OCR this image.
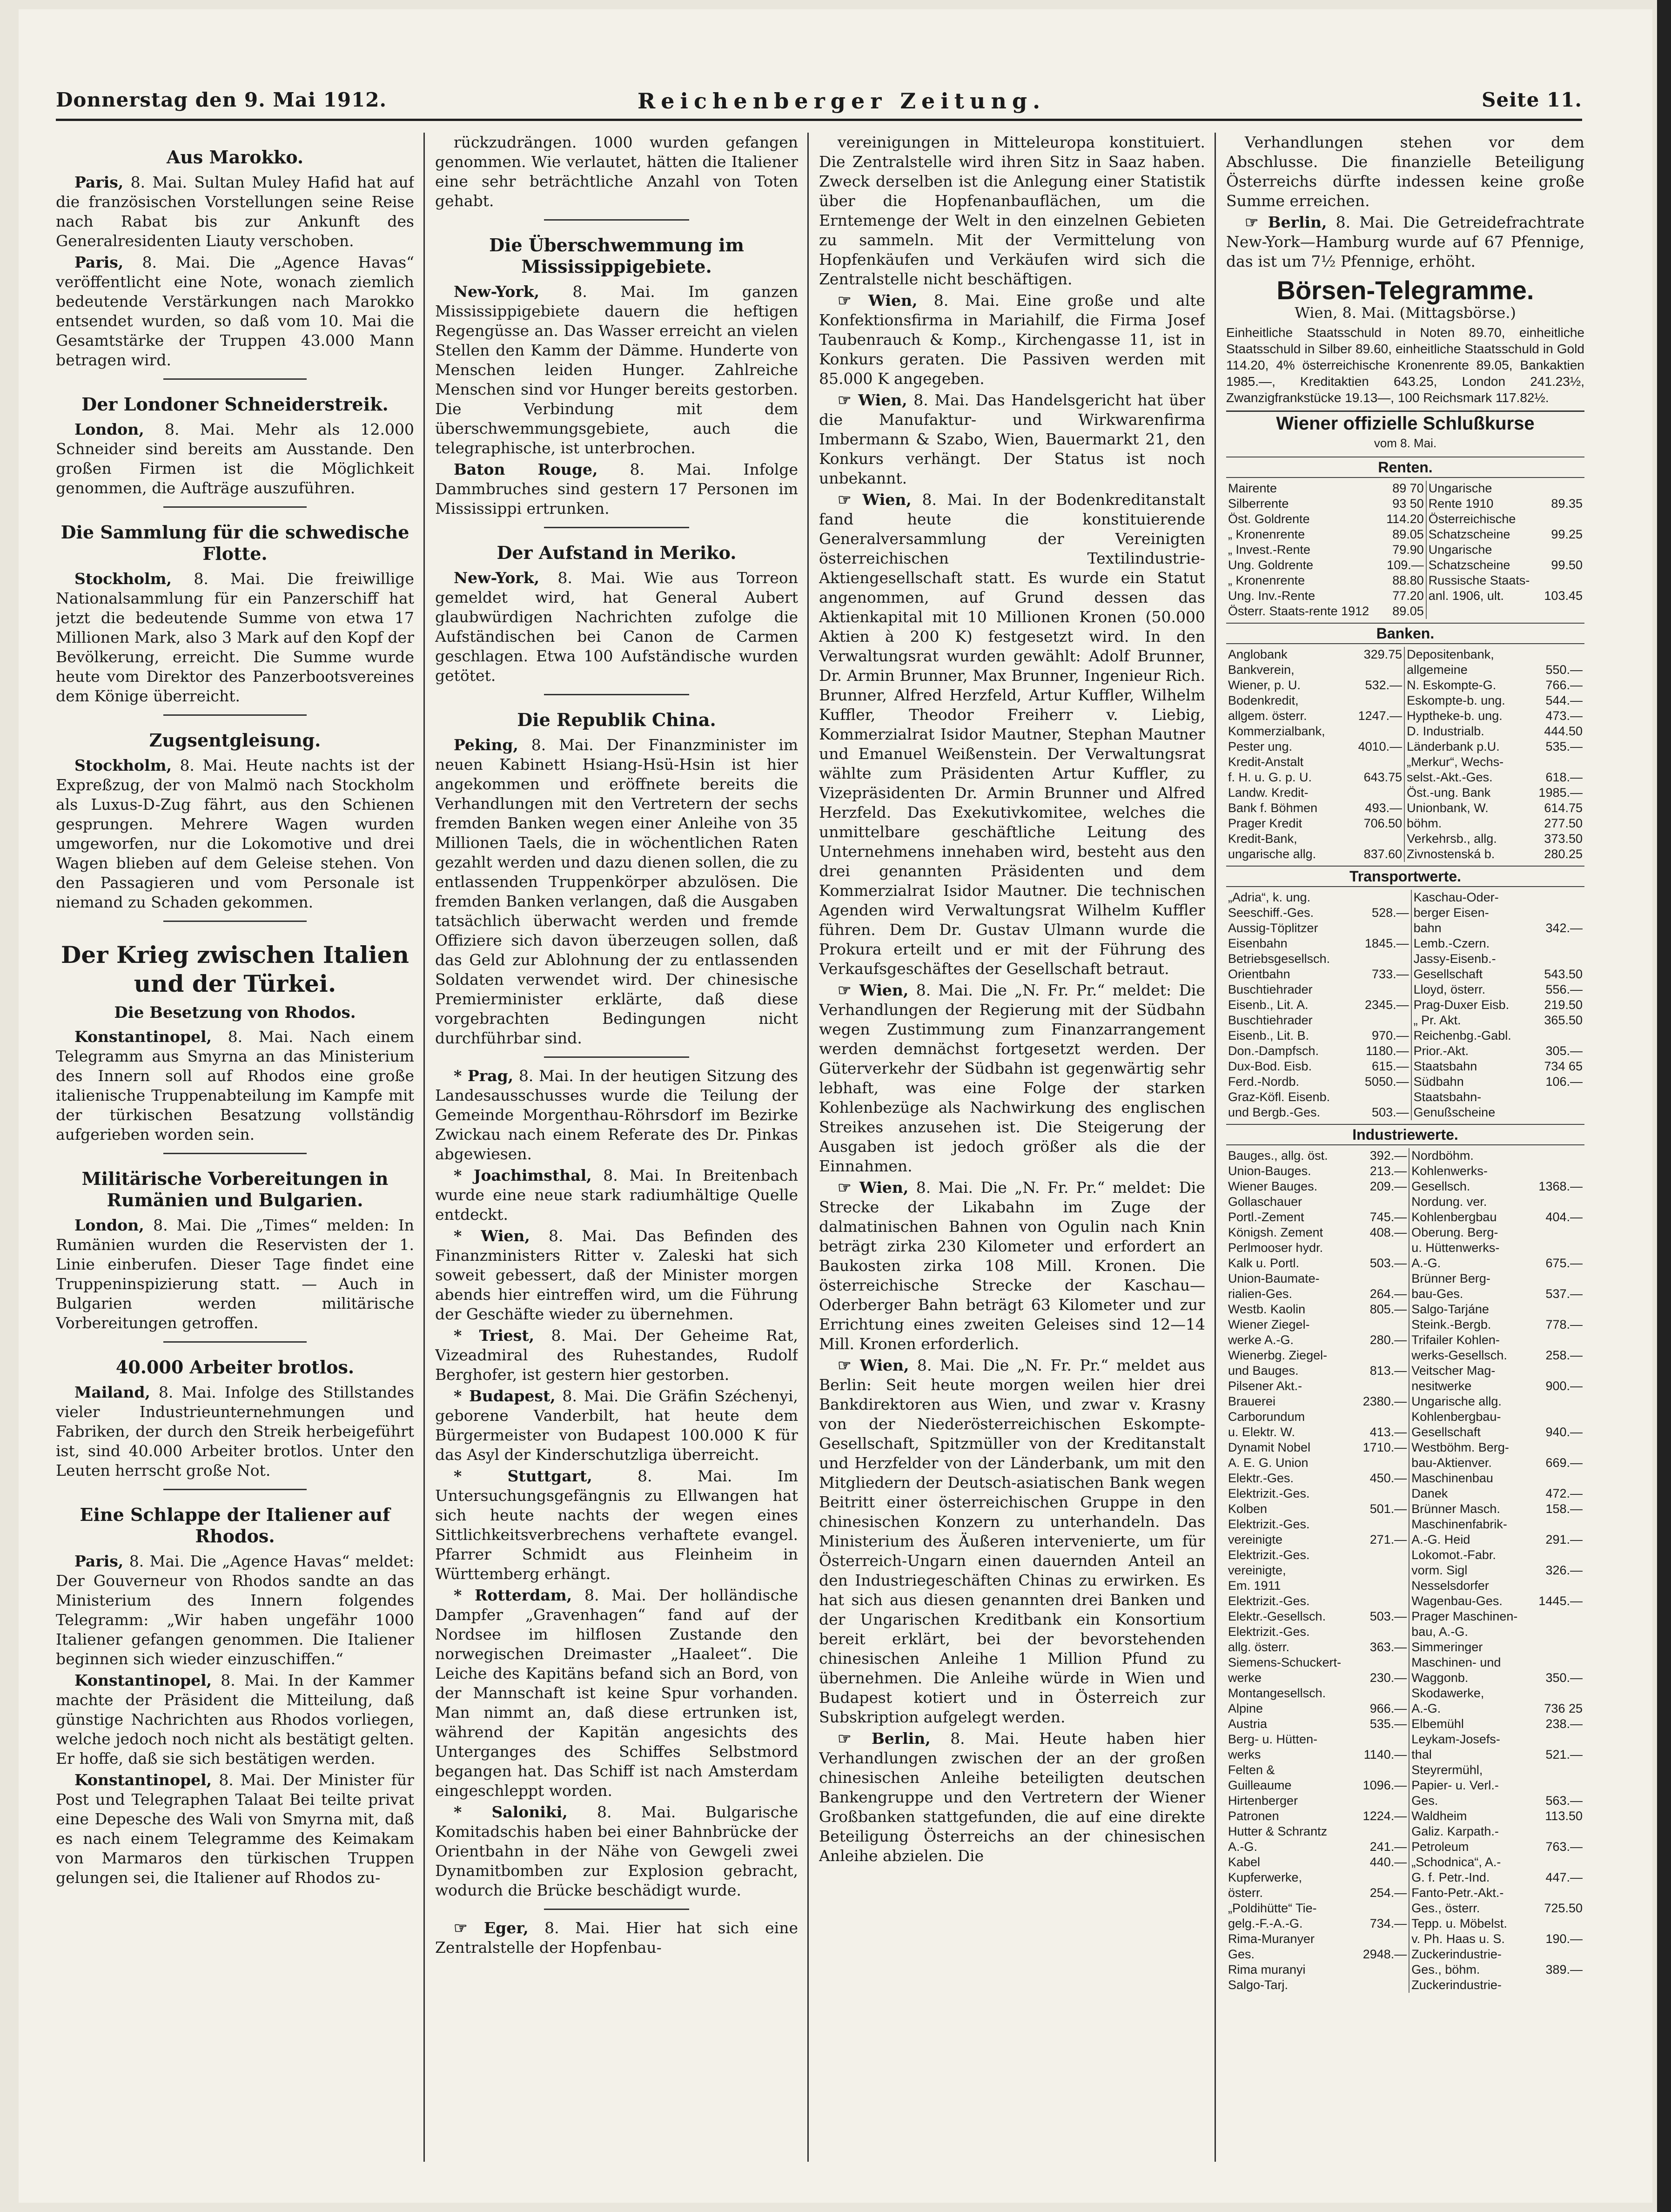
Donnerstag den 9. Mai 1912.	Reichenberger Zeitung.	Seite 11.
Aus Marokko.

Paris, 8. Mai. Sultan Muley Hafid hat auf die französischen Vorstellungen seine Reise nach Rabat bis zur Ankunft des Generalresidenten Liauty verschoben.

Paris, 8. Mai. Die „Agence Havas“ veröffentlicht eine Note, wonach ziemlich bedeutende Verstärkungen nach Marokko entsendet wurden, so daß vom 10. Mai die Gesamtstärke der Truppen 43.000 Mann betragen wird.

Der Londoner Schneiderstreik.

London, 8. Mai. Mehr als 12.000 Schneider sind bereits am Ausstande. Den großen Firmen ist die Möglichkeit genommen, die Aufträge auszuführen.

Die Sammlung für die schwedische Flotte.

Stockholm, 8. Mai. Die freiwillige Nationalsammlung für ein Panzerschiff hat jetzt die bedeutende Summe von etwa 17 Millionen Mark, also 3 Mark auf den Kopf der Bevölkerung, erreicht. Die Summe wurde heute vom Direktor des Panzerbootsvereines dem Könige überreicht.

Zugsentgleisung.

Stockholm, 8. Mai. Heute nachts ist der Expreßzug, der von Malmö nach Stockholm als Luxus-D-Zug fährt, aus den Schienen gesprungen. Mehrere Wagen wurden umgeworfen, nur die Lokomotive und drei Wagen blieben auf dem Geleise stehen. Von den Passagieren und vom Personale ist niemand zu Schaden gekommen.

Der Krieg zwischen Italien und der Türkei.
Die Besetzung von Rhodos.

Konstantinopel, 8. Mai. Nach einem Telegramm aus Smyrna an das Ministerium des Innern soll auf Rhodos eine große italienische Truppenabteilung im Kampfe mit der türkischen Besatzung vollständig aufgerieben worden sein.

Militärische Vorbereitungen in Rumänien und Bulgarien.

London, 8. Mai. Die „Times“ melden: In Rumänien wurden die Reservisten der 1. Linie einberufen. Dieser Tage findet eine Truppeninspizierung statt. — Auch in Bulgarien werden militärische Vorbereitungen getroffen.

40.000 Arbeiter brotlos.

Mailand, 8. Mai. Infolge des Stillstandes vieler Industrieunternehmungen und Fabriken, der durch den Streik herbeigeführt ist, sind 40.000 Arbeiter brotlos. Unter den Leuten herrscht große Not.

Eine Schlappe der Italiener auf Rhodos.

Paris, 8. Mai. Die „Agence Havas“ meldet: Der Gouverneur von Rhodos sandte an das Ministerium des Innern folgendes Telegramm: „Wir haben ungefähr 1000 Italiener gefangen genommen. Die Italiener beginnen sich wieder einzuschiffen.“

Konstantinopel, 8. Mai. In der Kammer machte der Präsident die Mitteilung, daß günstige Nachrichten aus Rhodos vorliegen, welche jedoch noch nicht als bestätigt gelten. Er hoffe, daß sie sich bestätigen werden.

Konstantinopel, 8. Mai. Der Minister für Post und Telegraphen Talaat Bei teilte privat eine Depesche des Wali von Smyrna mit, daß es nach einem Telegramme des Keimakam von Marmaros den türkischen Truppen gelungen sei, die Italiener auf Rhodos zu-

rückzudrängen. 1000 wurden gefangen genommen. Wie verlautet, hätten die Italiener eine sehr beträchtliche Anzahl von Toten gehabt.

Die Überschwemmung im Mississippigebiete.

New-York, 8. Mai. Im ganzen Mississippigebiete dauern die heftigen Regengüsse an. Das Wasser erreicht an vielen Stellen den Kamm der Dämme. Hunderte von Menschen leiden Hunger. Zahlreiche Menschen sind vor Hunger bereits gestorben. Die Verbindung mit dem überschwemmungsgebiete, auch die telegraphische, ist unterbrochen.

Baton Rouge, 8. Mai. Infolge Dammbruches sind gestern 17 Personen im Mississippi ertrunken.

Der Aufstand in Meriko.

New-York, 8. Mai. Wie aus Torreon gemeldet wird, hat General Aubert glaubwürdigen Nachrichten zufolge die Aufständischen bei Canon de Carmen geschlagen. Etwa 100 Aufständische wurden getötet.

Die Republik China.

Peking, 8. Mai. Der Finanzminister im neuen Kabinett Hsiang-Hsü-Hsin ist hier angekommen und eröffnete bereits die Verhandlungen mit den Vertretern der sechs fremden Banken wegen einer Anleihe von 35 Millionen Taels, die in wöchentlichen Raten gezahlt werden und dazu dienen sollen, die zu entlassenden Truppenkörper abzulösen. Die fremden Banken verlangen, daß die Ausgaben tatsächlich überwacht werden und fremde Offiziere sich davon überzeugen sollen, daß das Geld zur Ablohnung der zu entlassenden Soldaten verwendet wird. Der chinesische Premierminister erklärte, daß diese vorgebrachten Bedingungen nicht durchführbar sind.

* Prag, 8. Mai. In der heutigen Sitzung des Landesausschusses wurde die Teilung der Gemeinde Morgenthau-Röhrsdorf im Bezirke Zwickau nach einem Referate des Dr. Pinkas abgewiesen.

* Joachimsthal, 8. Mai. In Breitenbach wurde eine neue stark radiumhältige Quelle entdeckt.

* Wien, 8. Mai. Das Befinden des Finanzministers Ritter v. Zaleski hat sich soweit gebessert, daß der Minister morgen abends hier eintreffen wird, um die Führung der Geschäfte wieder zu übernehmen.

* Triest, 8. Mai. Der Geheime Rat, Vizeadmiral des Ruhestandes, Rudolf Berghofer, ist gestern hier gestorben.

* Budapest, 8. Mai. Die Gräfin Széchenyi, geborene Vanderbilt, hat heute dem Bürgermeister von Budapest 100.000 K für das Asyl der Kinderschutzliga überreicht.

* Stuttgart,	8. Mai. Im Untersuchungsgefängnis zu Ellwangen hat sich heute nachts der wegen eines Sittlichkeitsverbrechens verhaftete evangel. Pfarrer Schmidt aus Fleinheim in Württemberg erhängt.

* Rotterdam, 8. Mai. Der holländische Dampfer „Gravenhagen“ fand auf der Nordsee im hilflosen Zustande den norwegischen Dreimaster „Haaleet“. Die Leiche des Kapitäns befand sich an Bord, von der Mannschaft ist keine Spur vorhanden. Man nimmt an, daß diese ertrunken ist, während der Kapitän angesichts des Unterganges des Schiffes Selbstmord begangen hat. Das Schiff ist nach Amsterdam eingeschleppt worden.

* Saloniki, 8. Mai. Bulgarische Komitadschis haben bei einer Bahnbrücke der Orientbahn in der Nähe von Gewgeli zwei Dynamitbomben zur Explosion gebracht, wodurch die Brücke beschädigt wurde.

☞ Eger, 8. Mai. Hier hat sich eine Zentralstelle der Hopfenbau-

vereinigungen in Mitteleuropa konstituiert. Die Zentralstelle wird ihren Sitz in Saaz haben. Zweck derselben ist die Anlegung einer Statistik über die Hopfenanbauflächen, um die Erntemenge der Welt in den einzelnen Gebieten zu sammeln. Mit der Vermittelung von Hopfenkäufen und Verkäufen wird sich die Zentralstelle nicht beschäftigen.

☞ Wien, 8. Mai. Eine große und alte Konfektionsfirma in Mariahilf, die Firma Josef Taubenrauch & Komp., Kirchengasse 11, ist in Konkurs geraten. Die Passiven werden mit 85.000 K angegeben.

☞ Wien, 8. Mai. Das Handelsgericht hat über die Manufaktur- und Wirkwarenfirma Imbermann & Szabo, Wien, Bauermarkt 21, den Konkurs verhängt. Der Status ist noch unbekannt.

☞ Wien, 8. Mai. In der Bodenkreditanstalt fand heute die konstituierende Generalversammlung der Vereinigten österreichischen Textilindustrie-Aktiengesellschaft statt. Es wurde ein Statut angenommen, auf Grund dessen das Aktienkapital mit 10 Millionen Kronen (50.000 Aktien à 200 K) festgesetzt wird. In den Verwaltungsrat wurden gewählt: Adolf Brunner, Dr. Armin Brunner, Max Brunner, Ingenieur Rich. Brunner, Alfred Herzfeld, Artur Kuffler, Wilhelm Kuffler, Theodor Freiherr v. Liebig, Kommerzialrat Isidor Mautner, Stephan Mautner und Emanuel Weißenstein. Der Verwaltungsrat wählte zum Präsidenten Artur Kuffler, zu Vizepräsidenten Dr. Armin Brunner und Alfred Herzfeld. Das Exekutivkomitee, welches die unmittelbare geschäftliche Leitung des Unternehmens innehaben wird, besteht aus den drei genannten Präsidenten und dem Kommerzialrat Isidor Mautner. Die technischen Agenden wird Verwaltungsrat Wilhelm Kuffler führen. Dem Dr. Gustav Ulmann wurde die Prokura erteilt und er mit der Führung des Verkaufsgeschäftes der Gesellschaft betraut.

☞ Wien, 8. Mai. Die „N. Fr. Pr.“ meldet: Die Verhandlungen der Regierung mit der Südbahn wegen Zustimmung zum Finanzarrangement werden demnächst fortgesetzt werden. Der Güterverkehr der Südbahn ist gegenwärtig sehr lebhaft, was eine Folge der starken Kohlenbezüge als Nachwirkung des englischen Streikes anzusehen ist. Die Steigerung der Ausgaben ist jedoch größer als die der Einnahmen.

☞ Wien, 8. Mai. Die „N. Fr. Pr.“ meldet: Die Strecke der Likabahn im Zuge der dalmatinischen Bahnen von Ogulin nach Knin beträgt zirka 230 Kilometer und erfordert an Baukosten zirka 108 Mill. Kronen. Die österreichische Strecke der Kaschau—Oderberger Bahn beträgt 63 Kilometer und zur Errichtung eines zweiten Geleises sind 12—14 Mill. Kronen erforderlich.

☞ Wien, 8. Mai. Die „N. Fr. Pr.“ meldet aus Berlin: Seit heute morgen weilen hier drei Bankdirektoren aus Wien, und zwar v. Krasny von der Niederösterreichischen Eskompte-Gesellschaft, Spitzmüller von der Kreditanstalt und Herzfelder von der Länderbank, um mit den Mitgliedern der Deutsch-asiatischen Bank wegen Beitritt einer österreichischen Gruppe in den chinesischen Konzern zu unterhandeln. Das Ministerium des Äußeren intervenierte, um für Österreich-Ungarn einen dauernden Anteil an den Industriegeschäften Chinas zu erwirken. Es hat sich aus diesen genannten drei Banken und der Ungarischen Kreditbank ein Konsortium bereit erklärt, bei der bevorstehenden chinesischen Anleihe 1 Million Pfund zu übernehmen. Die Anleihe würde in Wien und Budapest kotiert und in Österreich zur Subskription aufgelegt werden.

☞ Berlin, 8. Mai. Heute haben hier Verhandlungen zwischen der an der großen chinesischen Anleihe beteiligten deutschen Bankengruppe und den Vertretern der Wiener Großbanken stattgefunden, die auf eine direkte Beteiligung Österreichs an der chinesischen Anleihe abzielen. Die

Verhandlungen stehen vor dem Abschlusse. Die finanzielle Beteiligung Österreichs dürfte indessen keine große Summe erreichen.

☞ Berlin, 8. Mai. Die Getreidefrachtrate New-York—Hamburg wurde auf 67 Pfennige, das ist um 7½ Pfennige, erhöht.

Börsen-Telegramme.
Wien, 8. Mai. (Mittagsbörse.)
Einheitliche Staatsschuld in Noten 89.70, einheitliche Staatsschuld in Silber 89.60, einheitliche Staatsschuld in Gold 114.20, 4% österreichische Kronenrente 89.05, Bankaktien 1985.—, Kreditaktien 643.25, London 241.23½, Zwanzigfrankstücke 19.13—, 100 Reichsmark 117.82½.
Wiener offizielle Schlußkurse
vom 8. Mai.
Renten.
Mairente	89 70	Ungarische	
Silberrente	93 50	Rente 1910	89.35
Öst. Goldrente	114.20	Österreichische	
„ Kronenrente	89.05	Schatzscheine	99.25
„ Invest.-Rente	79.90	Ungarische	
Ung. Goldrente	109.—	Schatzscheine	99.50
„ Kronenrente	88.80	Russische Staats-	
Ung. Inv.-Rente	77.20	anl. 1906, ult.	103.45
Österr. Staats-rente 1912	89.05		
Banken.
Anglobank	329.75	Depositenbank,	
Bankverein,		allgemeine	550.—
Wiener, p. U.	532.—	N. Eskompte-G.	766.—
Bodenkredit,		Eskompte-b. ung.	544.—
allgem. österr.	1247.—	Hyptheke-b. ung.	473.—
Kommerzialbank,		D. Industrialb.	444.50
Pester ung.	4010.—	Länderbank p.U.	535.—
Kredit-Anstalt		„Merkur“, Wechs-	
f. H. u. G. p. U.	643.75	selst.-Akt.-Ges.	618.—
Landw. Kredit-		Öst.-ung. Bank	1985.—
Bank f. Böhmen	493.—	Unionbank, W.	614.75
Prager Kredit	706.50	böhm.	277.50
Kredit-Bank,		Verkehrsb., allg.	373.50
ungarische allg.	837.60	Zivnostenská b.	280.25
Transportwerte.
„Adria“, k. ung.		Kaschau-Oder-	
Seeschiff.-Ges.	528.—	berger Eisen-	
Aussig-Töplitzer		bahn	342.—
Eisenbahn	1845.—	Lemb.-Czern.	
Betriebsgesellsch.		Jassy-Eisenb.-	
Orientbahn	733.—	Gesellschaft	543.50
Buschtiehrader		Lloyd, österr.	556.—
Eisenb., Lit. A.	2345.—	Prag-Duxer Eisb.	219.50
Buschtiehrader		„ Pr. Akt.	365.50
Eisenb., Lit. B.	970.—	Reichenbg.-Gabl.	
Don.-Dampfsch.	1180.—	Prior.-Akt.	305.—
Dux-Bod. Eisb.	615.—	Staatsbahn	734 65
Ferd.-Nordb.	5050.—	Südbahn	106.—
Graz-Köfl. Eisenb.		Staatsbahn-	
und Bergb.-Ges.	503.—	Genußscheine	
Industriewerte.
Bauges., allg. öst.	392.—	Nordböhm.	
Union-Bauges.	213.—	Kohlenwerks-	
Wiener Bauges.	209.—	Gesellsch.	1368.—
Gollaschauer		Nordung. ver.	
Portl.-Zement	745.—	Kohlenbergbau	404.—
Königsh. Zement	408.—	Oberung. Berg-	
Perlmooser hydr.		u. Hüttenwerks-	
Kalk u. Portl.	503.—	A.-G.	675.—
Union-Baumate-		Brünner Berg-	
rialien-Ges.	264.—	bau-Ges.	537.—
Westb. Kaolin	805.—	Salgo-Tarjáne	
Wiener Ziegel-		Steink.-Bergb.	778.—
werke A.-G.	280.—	Trifailer Kohlen-	
Wienerbg. Ziegel-		werks-Gesellsch.	258.—
und Bauges.	813.—	Veitscher Mag-	
Pilsener Akt.-		nesitwerke	900.—
Brauerei	2380.—	Ungarische allg.	
Carborundum		Kohlenbergbau-	
u. Elektr. W.	413.—	Gesellschaft	940.—
Dynamit Nobel	1710.—	Westböhm. Berg-	
A. E. G. Union		bau-Aktienver.	669.—
Elektr.-Ges.	450.—	Maschinenbau	
Elektrizit.-Ges.		Danek	472.—
Kolben	501.—	Brünner Masch.	158.—
Elektrizit.-Ges.		Maschinenfabrik-	
vereinigte	271.—	A.-G. Heid	291.—
Elektrizit.-Ges.		Lokomot.-Fabr.	
vereinigte,		vorm. Sigl	326.—
Em. 1911		Nesselsdorfer	
Elektrizit.-Ges.		Wagenbau-Ges.	1445.—
Elektr.-Gesellsch.	503.—	Prager Maschinen-	
Elektrizit.-Ges.		bau, A.-G.	
allg. österr.	363.—	Simmeringer	
Siemens-Schuckert-		Maschinen- und	
werke	230.—	Waggonb.	350.—
Montangesellsch.		Skodawerke,	
Alpine	966.—	A.-G.	736 25
Austria	535.—	Elbemühl	238.—
Berg- u. Hütten-		Leykam-Josefs-	
werks	1140.—	thal	521.—
Felten &		Steyrermühl,	
Guilleaume	1096.—	Papier- u. Verl.-	
Hirtenberger		Ges.	563.—
Patronen	1224.—	Waldheim	113.50
Hutter & Schrantz		Galiz. Karpath.-	
A.-G.	241.—	Petroleum	763.—
Kabel	440.—	„Schodnica“, A.-	
Kupferwerke,		G. f. Petr.-Ind.	447.—
österr.	254.—	Fanto-Petr.-Akt.-	
„Poldihütte“ Tie-		Ges., österr.	725.50
gelg.-F.-A.-G.	734.—	Tepp. u. Möbelst.	
Rima-Muranyer		v. Ph. Haas u. S.	190.—
Ges.	2948.—	Zuckerindustrie-	
Rima muranyi		Ges., böhm.	389.—
Salgo-Tarj.		Zuckerindustrie-	
